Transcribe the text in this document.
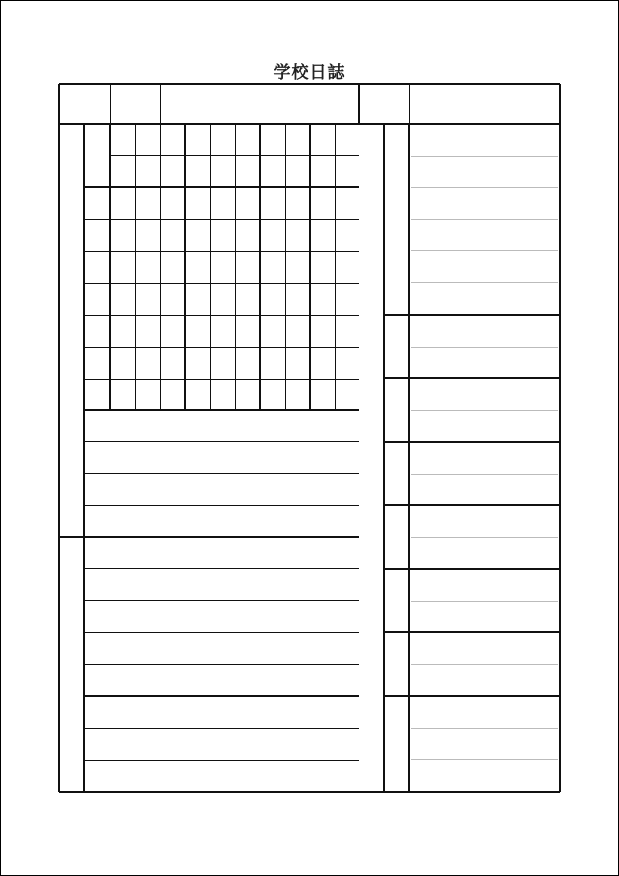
学校日誌
